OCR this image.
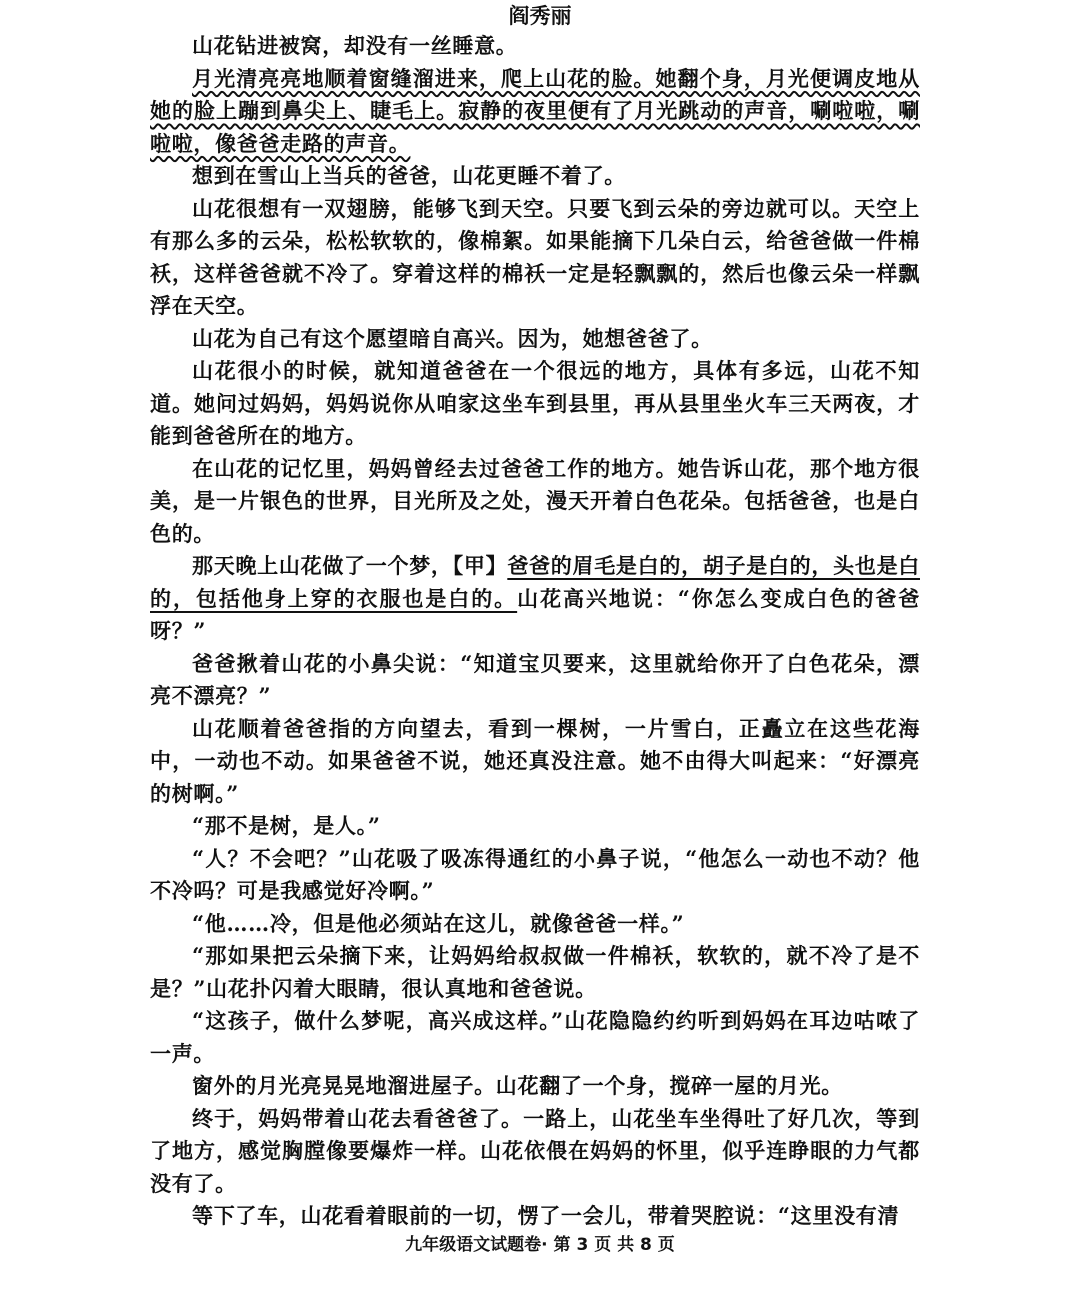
阎秀丽

山花钻进被窝，却没有一丝睡意。

月光清亮亮地顺着窗缝溜进来，爬上山花的脸。她翻个身，月光便调皮地从她的脸上蹦到鼻尖上、睫毛上。寂静的夜里便有了月光跳动的声音，唰啦啦，唰啦啦，像爸爸走路的声音。

想到在雪山上当兵的爸爸，山花更睡不着了。

山花很想有一双翅膀，能够飞到天空。只要飞到云朵的旁边就可以。天空上有那么多的云朵，松松软软的，像棉絮。如果能摘下几朵白云，给爸爸做一件棉袄，这样爸爸就不冷了。穿着这样的棉袄一定是轻飘飘的，然后也像云朵一样飘浮在天空。

山花为自己有这个愿望暗自高兴。因为，她想爸爸了。

山花很小的时候，就知道爸爸在一个很远的地方，具体有多远，山花不知道。她问过妈妈，妈妈说你从咱家这坐车到县里，再从县里坐火车三天两夜，才能到爸爸所在的地方。

在山花的记忆里，妈妈曾经去过爸爸工作的地方。她告诉山花，那个地方很美，是一片银色的世界，目光所及之处，漫天开着白色花朵。包括爸爸，也是白色的。

那天晚上山花做了一个梦，【甲】爸爸的眉毛是白的，胡子是白的，头也是白的，包括他身上穿的衣服也是白的。山花高兴地说：“你怎么变成白色的爸爸呀？”

爸爸揪着山花的小鼻尖说：“知道宝贝要来，这里就给你开了白色花朵，漂亮不漂亮？”

山花顺着爸爸指的方向望去，看到一棵树，一片雪白，正矗立在这些花海中，一动也不动。如果爸爸不说，她还真没注意。她不由得大叫起来：“好漂亮的树啊。”

“那不是树，是人。”

“人？不会吧？”山花吸了吸冻得通红的小鼻子说，“他怎么一动也不动？他不冷吗？可是我感觉好冷啊。”

“他……冷，但是他必须站在这儿，就像爸爸一样。”

“那如果把云朵摘下来，让妈妈给叔叔做一件棉袄，软软的，就不冷了是不是？”山花扑闪着大眼睛，很认真地和爸爸说。

“这孩子，做什么梦呢，高兴成这样。”山花隐隐约约听到妈妈在耳边咕哝了一声。

窗外的月光亮晃晃地溜进屋子。山花翻了一个身，搅碎一屋的月光。

终于，妈妈带着山花去看爸爸了。一路上，山花坐车坐得吐了好几次，等到了地方，感觉胸膛像要爆炸一样。山花依偎在妈妈的怀里，似乎连睁眼的力气都没有了。

等下了车，山花看着眼前的一切，愣了一会儿，带着哭腔说：“这里没有清

九年级语文试题卷· 第 3 页 共 8 页
